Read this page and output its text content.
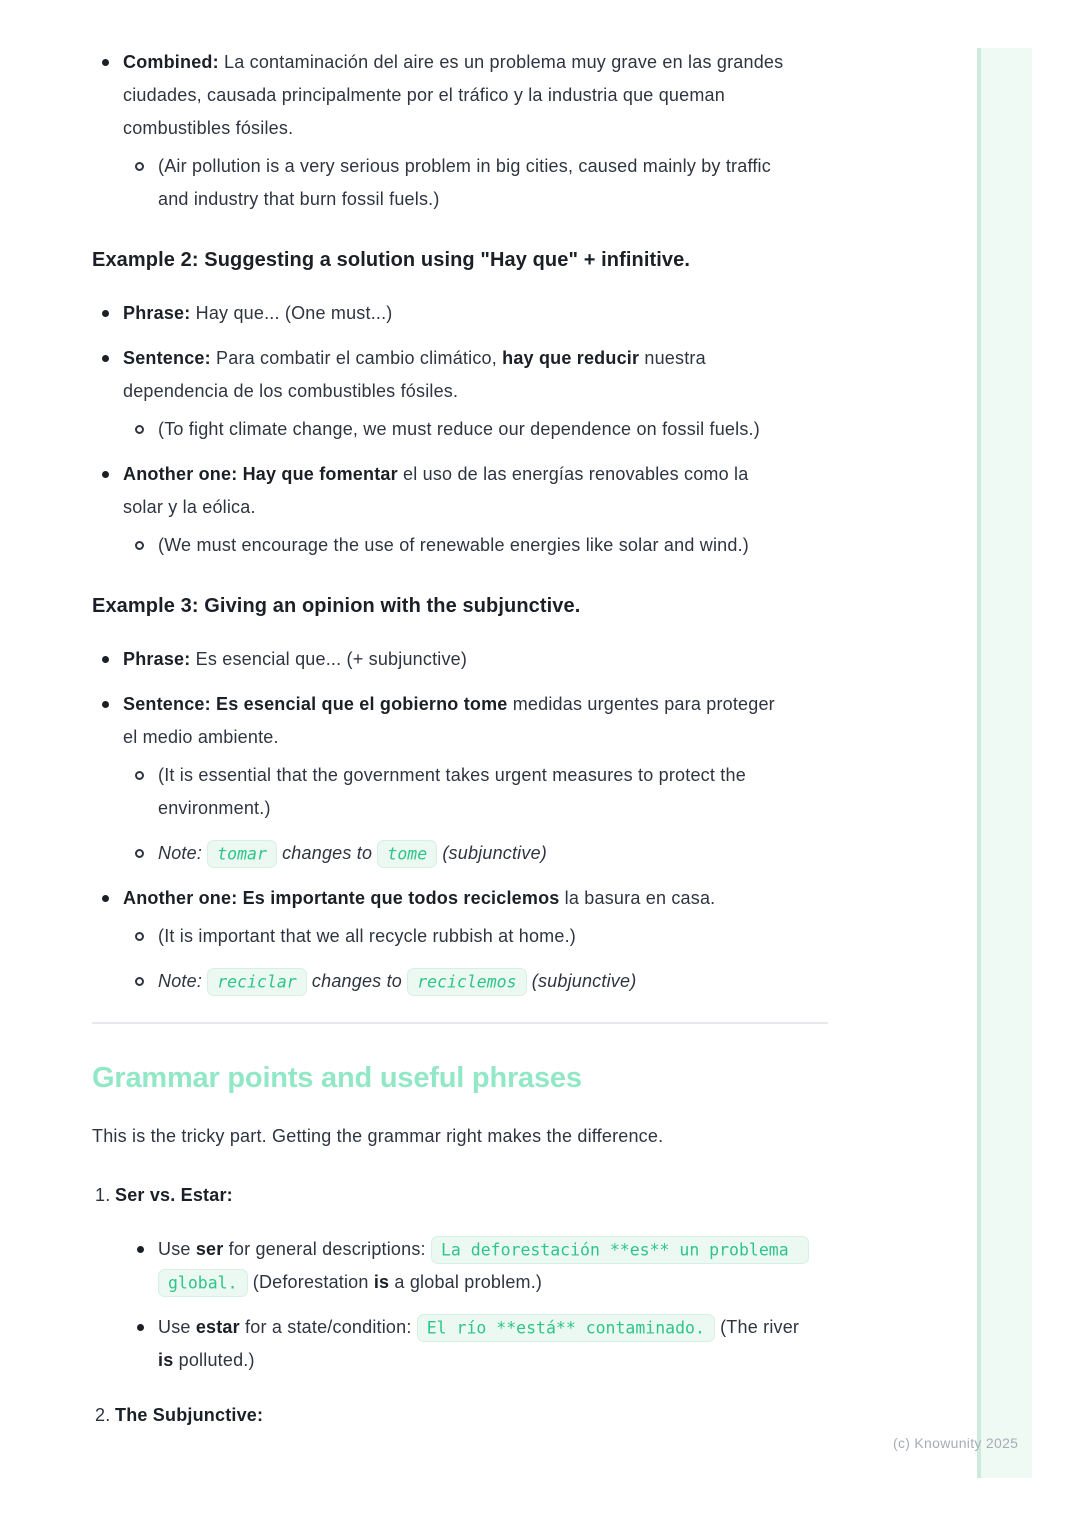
Combined: La contaminación del aire es un problema muy grave en las grandes ciudades, causada principalmente por el tráfico y la industria que queman combustibles fósiles.

(Air pollution is a very serious problem in big cities, caused mainly by traffic and industry that burn fossil fuels.)
Example 2: Suggesting a solution using "Hay que" + infinitive.

Phrase: Hay que... (One must...)

Sentence: Para combatir el cambio climático, hay que reducir nuestra dependencia de los combustibles fósiles.

(To fight climate change, we must reduce our dependence on fossil fuels.)

Another one: Hay que fomentar el uso de las energías renovables como la solar y la eólica.

(We must encourage the use of renewable energies like solar and wind.)
Example 3: Giving an opinion with the subjunctive.

Phrase: Es esencial que... (+ subjunctive)

Sentence: Es esencial que el gobierno tome medidas urgentes para proteger el medio ambiente.

(It is essential that the government takes urgent measures to protect the environment.)
Note: tomar changes to tome (subjunctive)

Another one: Es importante que todos reciclemos la basura en casa.

(It is important that we all recycle rubbish at home.)
Note: reciclar changes to reciclemos (subjunctive)
Grammar points and useful phrases

This is the tricky part. Getting the grammar right makes the difference.

1. Ser vs. Estar:
Use ser for general descriptions: La deforestación **es** un problema global. (Deforestation is a global problem.)
Use estar for a state/condition: El río **está** contaminado. (The river is polluted.)
2. The Subjunctive:
(c) Knowunity 2025
